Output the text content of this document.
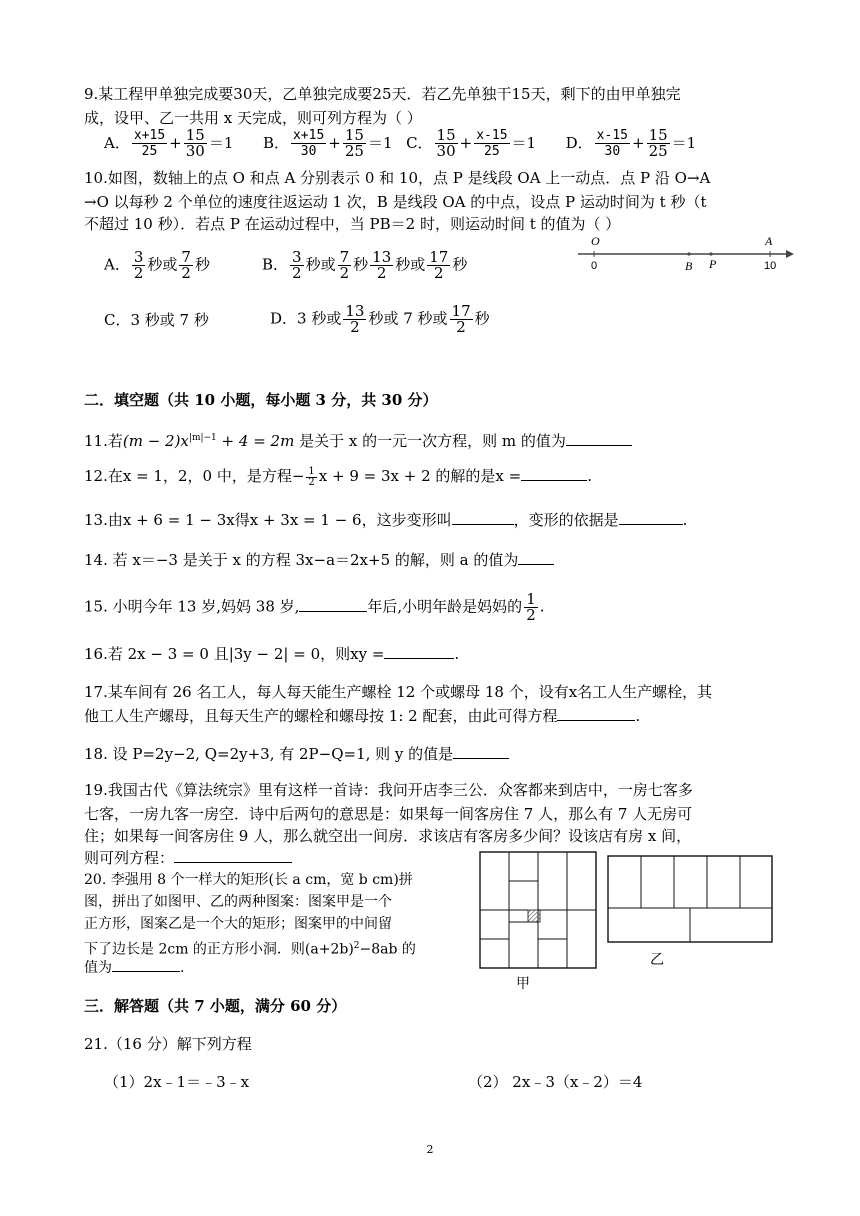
9.某工程甲单独完成要30天，乙单独完成要25天．若乙先单独干15天，剩下的由甲单独完
成，设甲、乙一共用 x 天完成，则可列方程为（ ）
A． $\frac{x+15}{25} + \frac{15}{30} =1$ B． $\frac{x+15}{30} + \frac{15}{25} =1$ C． $\frac{15}{30} + \frac{x-15}{25} =1$ D． $\frac{x-15}{30} + \frac{15}{25} =1$
10.如图，数轴上的点 O 和点 A 分别表示 0 和 10，点 P 是线段 OA 上一动点．点 P 沿 O→A
→O 以每秒 2 个单位的速度往返运动 1 次，B 是线段 OA 的中点，设点 P 运动时间为 t 秒（t
不超过 10 秒）．若点 P 在运动过程中，当 PB＝2 时，则运动时间 t 的值为（ ）
A． $\frac{3}{2}$ 秒或 $\frac{7}{2}$ 秒	B． $\frac{3}{2}$ 秒或 $\frac{7}{2}$ 秒 $\frac{13}{2}$ 秒或 $\frac{17}{2}$ 秒
O	A
0	10
B P
C．3 秒或 7 秒	D．3 秒或 $\frac{13}{2}$ 秒或 7 秒或 $\frac{17}{2}$ 秒
二．填空题（共 10 小题，每小题 3 分，共 30 分）
11.若$(m - 2)x^{|m|-1} + 4 = 2m$ 是关于 x 的一元一次方程，则 m 的值为
12.在x = 1，2，0 中，是方程− $\frac{1}{2}$ x + 9 = 3x + 2 的解的是x =	.
13.由x + 6 = 1 − 3x得x + 3x = 1 − 6，这步变形叫	，变形的依据是	.
14. 若 x＝−3 是关于 x 的方程 3x−a＝2x+5 的解，则 a 的值为
15. 小明今年 13 岁,妈妈 38 岁,	年后,小明年龄是妈妈的 $\frac{1}{2}$ .
16.若 2x − 3 = 0 且|3y − 2| = 0，则xy =	.
17.某车间有 26 名工人，每人每天能生产螺栓 12 个或螺母 18 个，设有x名工人生产螺栓，其
他工人生产螺母，且每天生产的螺栓和螺母按 1: 2 配套，由此可得方程	.
18. 设 P=2y−2, Q=2y+3, 有 2P−Q=1, 则 y 的值是
19.我国古代《算法统宗》里有这样一首诗：我问开店李三公．众客都来到店中，一房七客多
七客，一房九客一房空．诗中后两句的意思是：如果每一间客房住 7 人，那么有 7 人无房可
住；如果每一间客房住 9 人，那么就空出一间房．求该店有客房多少间？设该店有房 x 间，
则可列方程：
20. 李强用 8 个一样大的矩形(长 a cm，宽 b cm)拼
图，拼出了如图甲、乙的两种图案：图案甲是一个
正方形，图案乙是一个大的矩形；图案甲的中间留
下了边长是 2cm 的正方形小洞．则$(a+2b)^2-8ab$ 的
值为	.
甲
乙
三．解答题（共 7 小题，满分 60 分）
21.（16 分）解下列方程
（1）2x﹣1＝﹣3﹣x	（2） 2x﹣3（x﹣2）＝4
2
